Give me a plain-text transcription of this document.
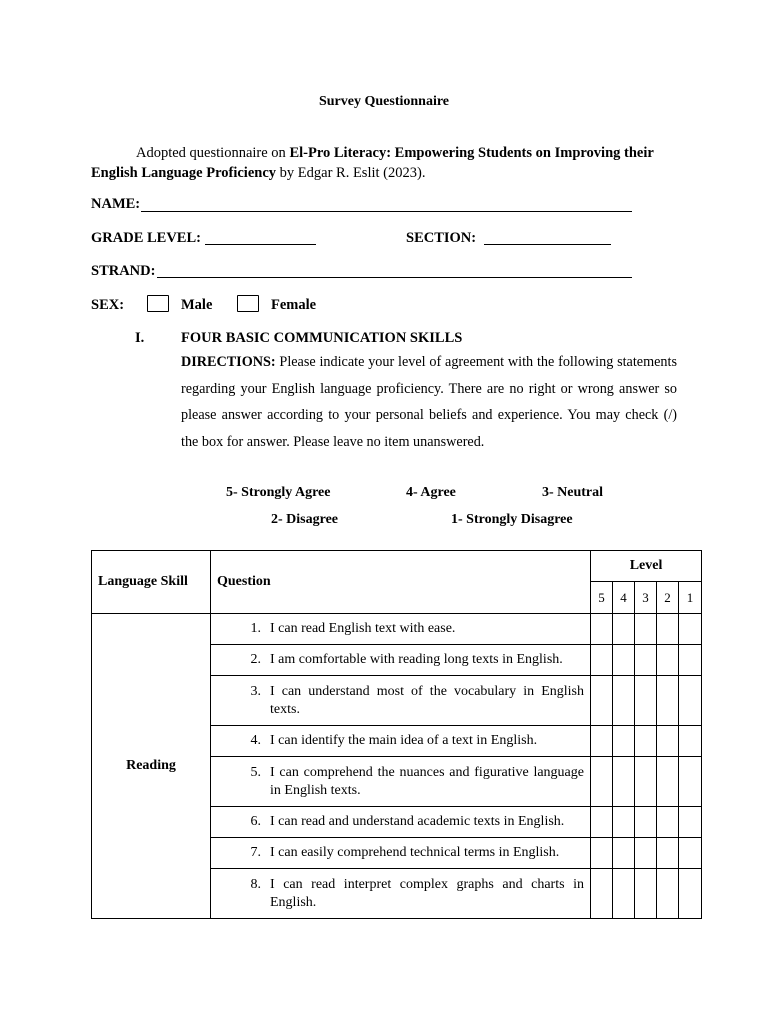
Survey Questionnaire
Adopted questionnaire on El-Pro Literacy: Empowering Students on Improving their English Language Proficiency by Edgar R. Eslit (2023).
NAME:
GRADE LEVEL:	SECTION:
STRAND:
SEX:	Male	Female
I.	FOUR BASIC COMMUNICATION SKILLS
DIRECTIONS: Please indicate your level of agreement with the following statements regarding your English language proficiency. There are no right or wrong answer so please answer according to your personal beliefs and experience. You may check (/) the box for answer. Please leave no item unanswered.
5- Strongly Agree	4- Agree	3- Neutral
2- Disagree	1- Strongly Disagree
Language Skill	Question	Level				
		5	4	3	2	1
Reading	1. I can read English text with ease.					

	2. I am comfortable with reading long texts in English.					

	3. I can understand most of the vocabulary in English texts.					

	4. I can identify the main idea of a text in English.					

	5. I can comprehend the nuances and figurative language in English texts.					

	6. I can read and understand academic texts in English.					

	7. I can easily comprehend technical terms in English.					

	8. I can read interpret complex graphs and charts in English.					
